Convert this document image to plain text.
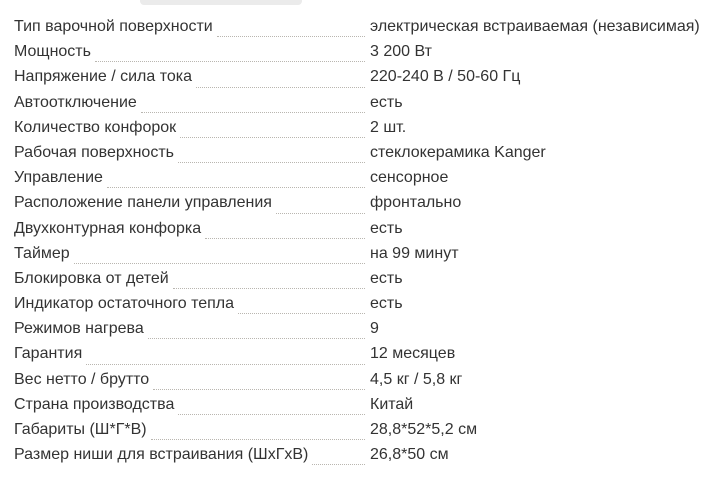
Тип варочной поверхности	электрическая встраиваемая (независимая)
Мощность	3 200 Вт
Напряжение / сила тока	220-240 В / 50-60 Гц
Автоотключение	есть
Количество конфорок	2 шт.
Рабочая поверхность	стеклокерамика Kanger
Управление	сенсорное
Расположение панели управления	фронтально
Двухконтурная конфорка	есть
Таймер	на 99 минут
Блокировка от детей	есть
Индикатор остаточного тепла	есть
Режимов нагрева	9
Гарантия	12 месяцев
Вес нетто / брутто	4,5 кг / 5,8 кг
Страна производства	Китай
Габариты (Ш*Г*В)	28,8*52*5,2 см
Размер ниши для встраивания (ШхГхВ)	26,8*50 см
